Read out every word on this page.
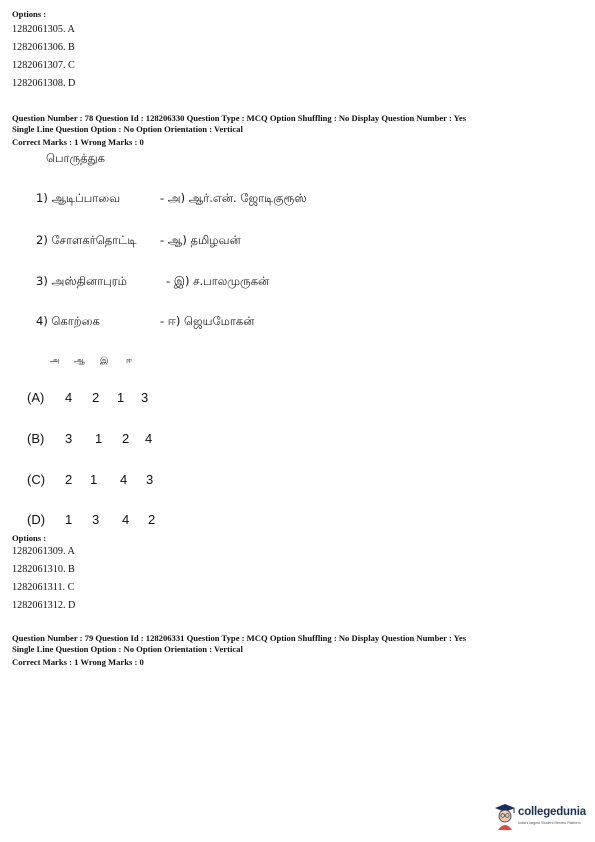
Options :
1282061305. A
1282061306. B
1282061307. C
1282061308. D
Question Number : 78 Question Id : 128206330 Question Type : MCQ Option Shuffling : No Display Question Number : Yes
Single Line Question Option : No Option Orientation : Vertical
Correct Marks : 1 Wrong Marks : 0
பொருத்துக
1) ஆடிப்பாவை	- அ) ஆர்.என். ஜோடிகுரூஸ்
2) சோளகர்தொட்டி - ஆ) தமிழவன்
3) அஸ்தினாபுரம்	- இ) ச.பாலமுருகன்
4) கொற்கை	- ஈ) ஜெயமோகன்
அ ஆ இ ஈ
(A) 4 2 1 3
(B) 3 1 2 4
(C) 2 1 4 3
(D) 1 3 4 2
Options :
1282061309. A
1282061310. B
1282061311. C
1282061312. D
Question Number : 79 Question Id : 128206331 Question Type : MCQ Option Shuffling : No Display Question Number : Yes
Single Line Question Option : No Option Orientation : Vertical
Correct Marks : 1 Wrong Marks : 0
collegedunia
India's largest Student Review Platform
